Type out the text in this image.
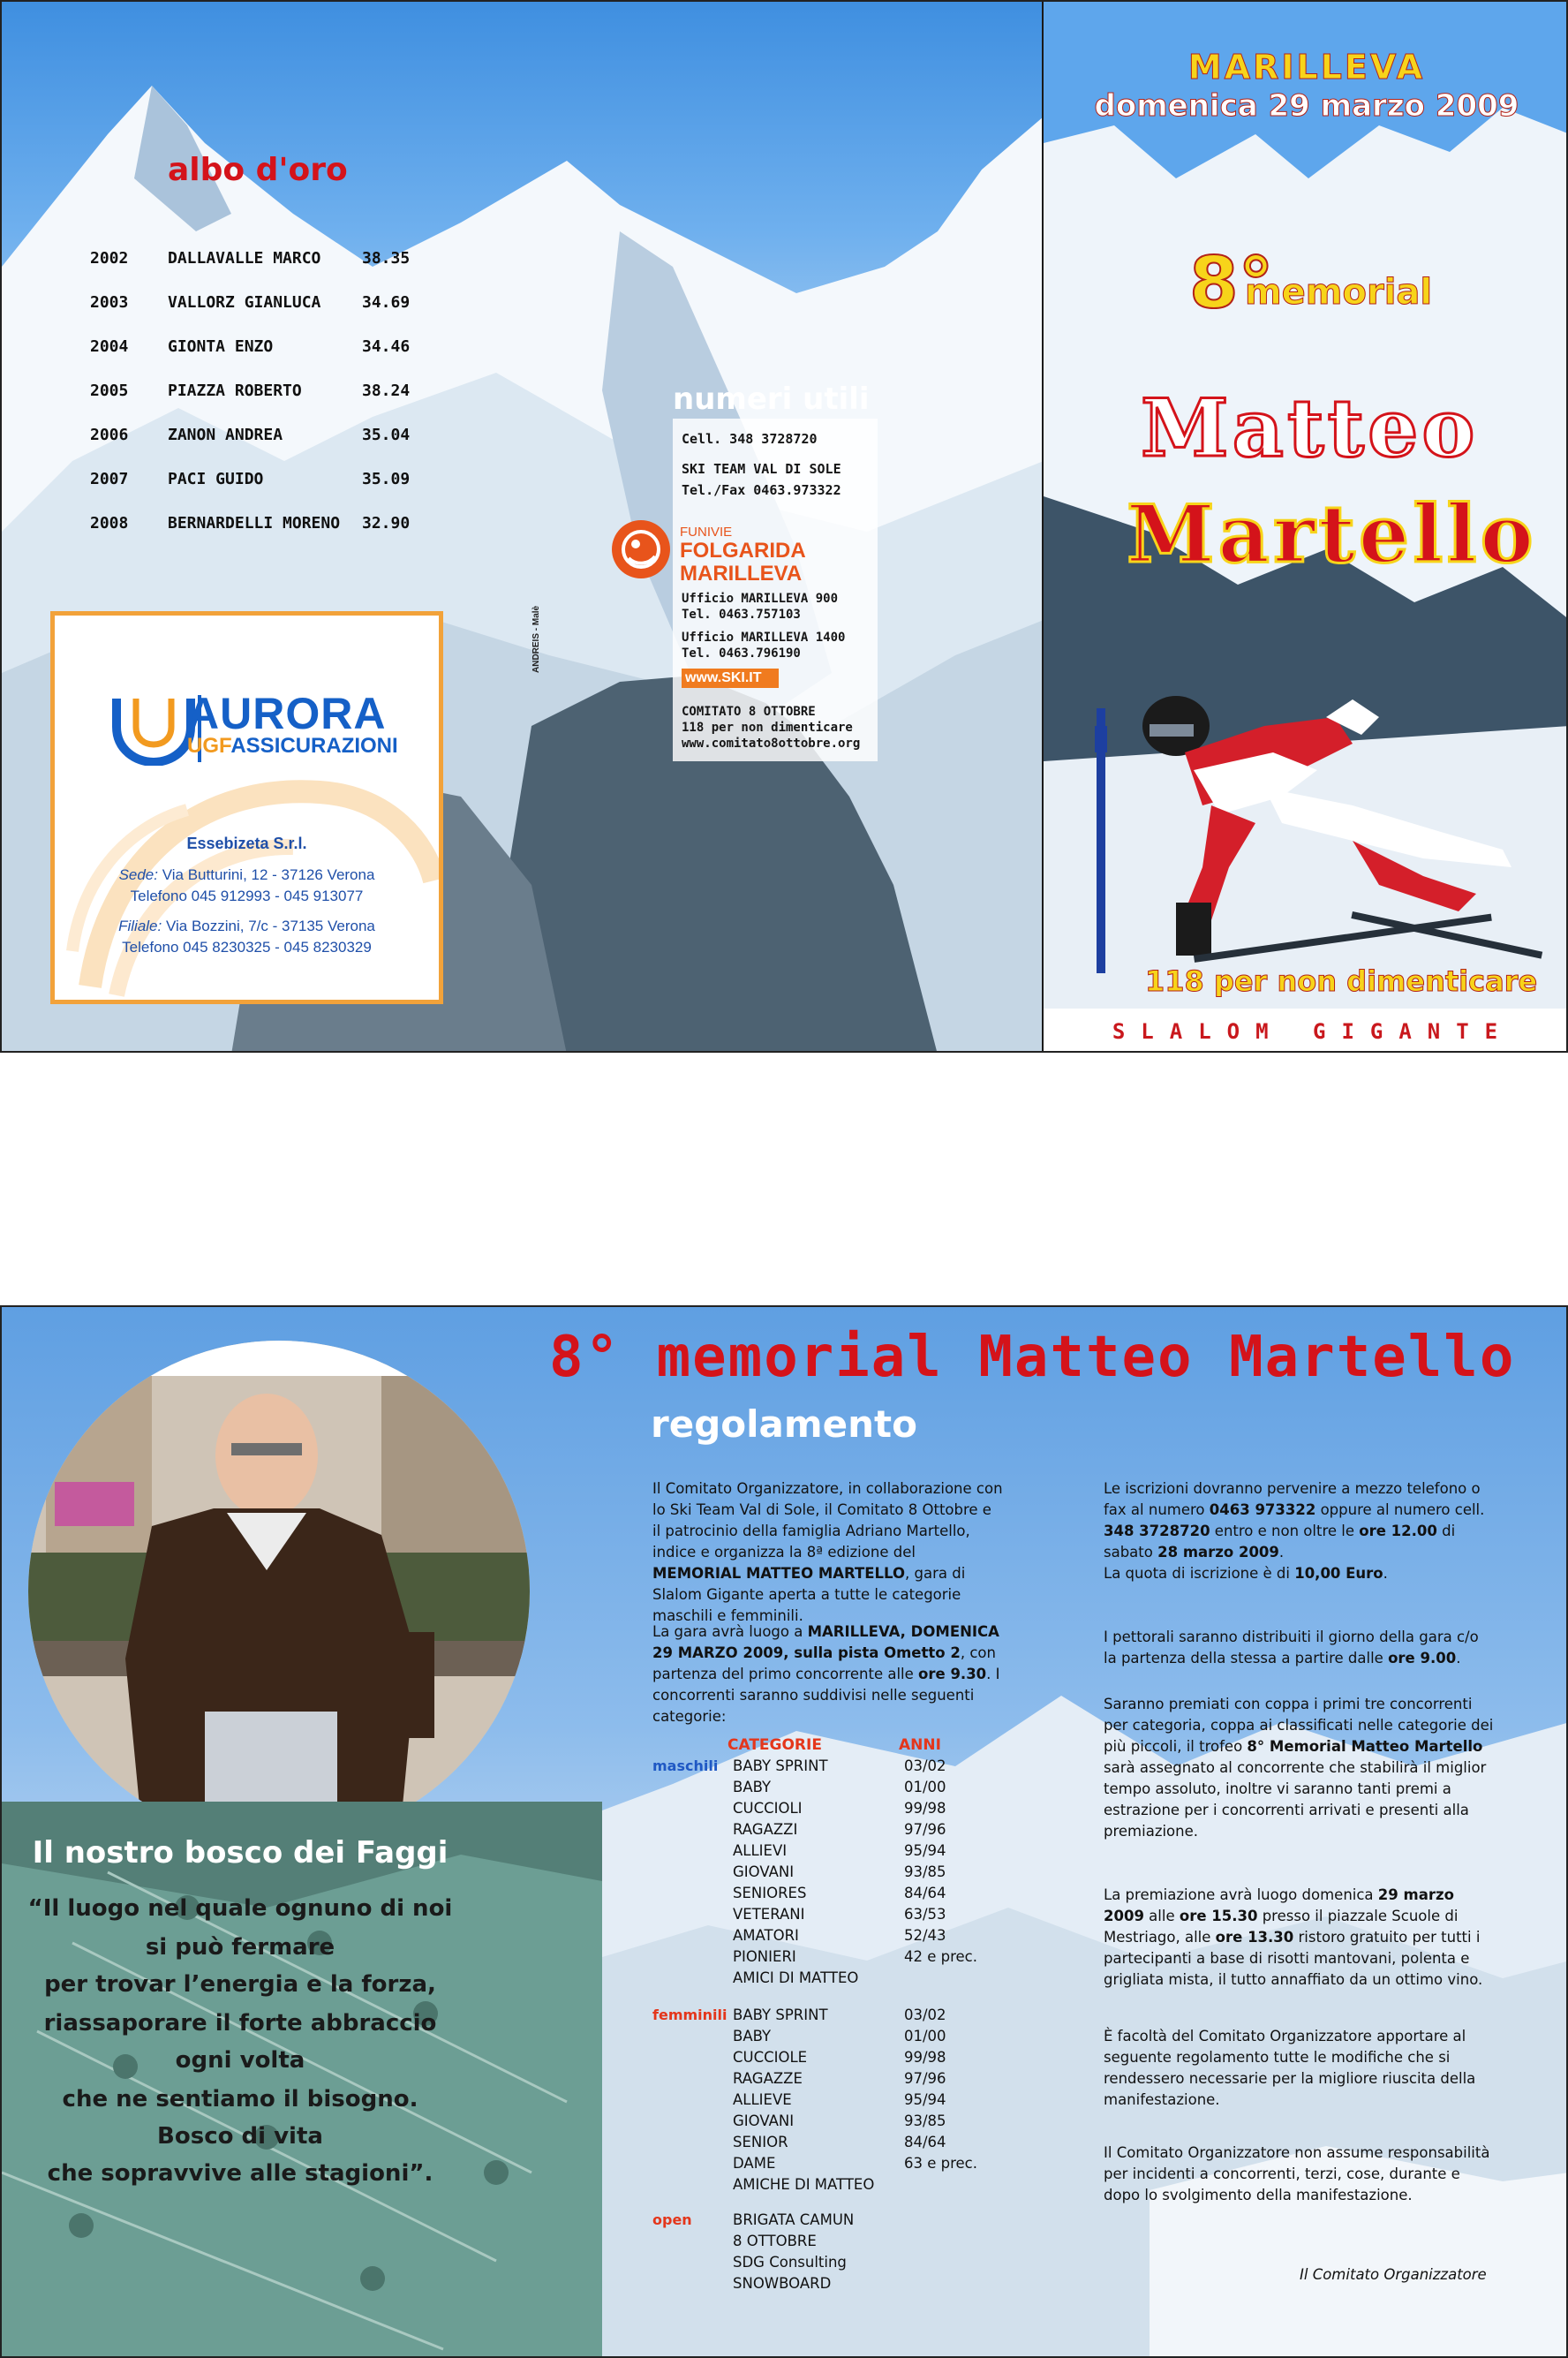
albo d'oro
2002 DALLAVALLE MARCO	38.35
2003 VALLORZ GIANLUCA	34.69
2004 GIONTA ENZO	34.46
2005 PIAZZA ROBERTO	38.24
2006 ZANON ANDREA	35.04
2007 PACI GUIDO	35.09
2008 BERNARDELLI MORENO 32.90
AURORA
UGFASSICURAZIONI
Essebizeta S.r.l.
Sede: Via Butturini, 12 - 37126 Verona
Telefono 045 912993 - 045 913077
Filiale: Via Bozzini, 7/c - 37135 Verona
Telefono 045 8230325 - 045 8230329
ANDREIS - Malè
numeri utili
Cell. 348 3728720
SKI TEAM VAL DI SOLE
Tel./Fax 0463.973322
FUNIVIE
FOLGARIDA
MARILLEVA
Ufficio MARILLEVA 900
Tel. 0463.757103
Ufficio MARILLEVA 1400
Tel. 0463.796190
www.SKI.IT
COMITATO 8 OTTOBRE
118 per non dimenticare
www.comitato8ottobre.org
MARILLEVA
domenica 29 marzo 2009
8°
memorial
Matteo
Martello
118 per non dimenticare
SLALOM GIGANTE
Il nostro bosco dei Faggi
“Il luogo nel quale ognuno di noi
si può fermare
per trovar l’energia e la forza,
riassaporare il forte abbraccio
ogni volta
che ne sentiamo il bisogno.
Bosco di vita
che sopravvive alle stagioni”.
8° memorial Matteo Martello
regolamento
Il Comitato Organizzatore, in collaborazione con lo Ski Team Val di Sole, il Comitato 8 Ottobre e il patrocinio della famiglia Adriano Martello, indice e organizza la 8ª edizione del MEMORIAL MATTEO MARTELLO, gara di Slalom Gigante aperta a tutte le categorie maschili e femminili.
La gara avrà luogo a MARILLEVA, DOMENICA 29 MARZO 2009, sulla pista Ometto 2, con partenza del primo concorrente alle ore 9.30. I concorrenti saranno suddivisi nelle seguenti categorie:
CATEGORIE	ANNI
maschili BABY SPRINT	03/02
BABY	01/00
CUCCIOLI	99/98
RAGAZZI	97/96
ALLIEVI	95/94
GIOVANI	93/85
SENIORES	84/64
VETERANI	63/53
AMATORI	52/43
PIONIERI	42 e prec.
AMICI DI MATTEO
femminili BABY SPRINT	03/02
BABY	01/00
CUCCIOLE	99/98
RAGAZZE	97/96
ALLIEVE	95/94
GIOVANI	93/85
SENIOR	84/64
DAME	63 e prec.
AMICHE DI MATTEO
open	BRIGATA CAMUN
8 OTTOBRE
SDG Consulting
SNOWBOARD
Le iscrizioni dovranno pervenire a mezzo telefono o fax al numero 0463 973322 oppure al numero cell. 348 3728720 entro e non oltre le ore 12.00 di sabato 28 marzo 2009.
La quota di iscrizione è di 10,00 Euro.
I pettorali saranno distribuiti il giorno della gara c/o la partenza della stessa a partire dalle ore 9.00.
Saranno premiati con coppa i primi tre concorrenti per categoria, coppa ai classificati nelle categorie dei più piccoli, il trofeo 8° Memorial Matteo Martello sarà assegnato al concorrente che stabilirà il miglior tempo assoluto, inoltre vi saranno tanti premi a estrazione per i concorrenti arrivati e presenti alla premiazione.
La premiazione avrà luogo domenica 29 marzo 2009 alle ore 15.30 presso il piazzale Scuole di Mestriago, alle ore 13.30 ristoro gratuito per tutti i partecipanti a base di risotti mantovani, polenta e grigliata mista, il tutto annaffiato da un ottimo vino.
È facoltà del Comitato Organizzatore apportare al seguente regolamento tutte le modifiche che si rendessero necessarie per la migliore riuscita della manifestazione.
Il Comitato Organizzatore non assume responsabilità per incidenti a concorrenti, terzi, cose, durante e dopo lo svolgimento della manifestazione.
Il Comitato Organizzatore
